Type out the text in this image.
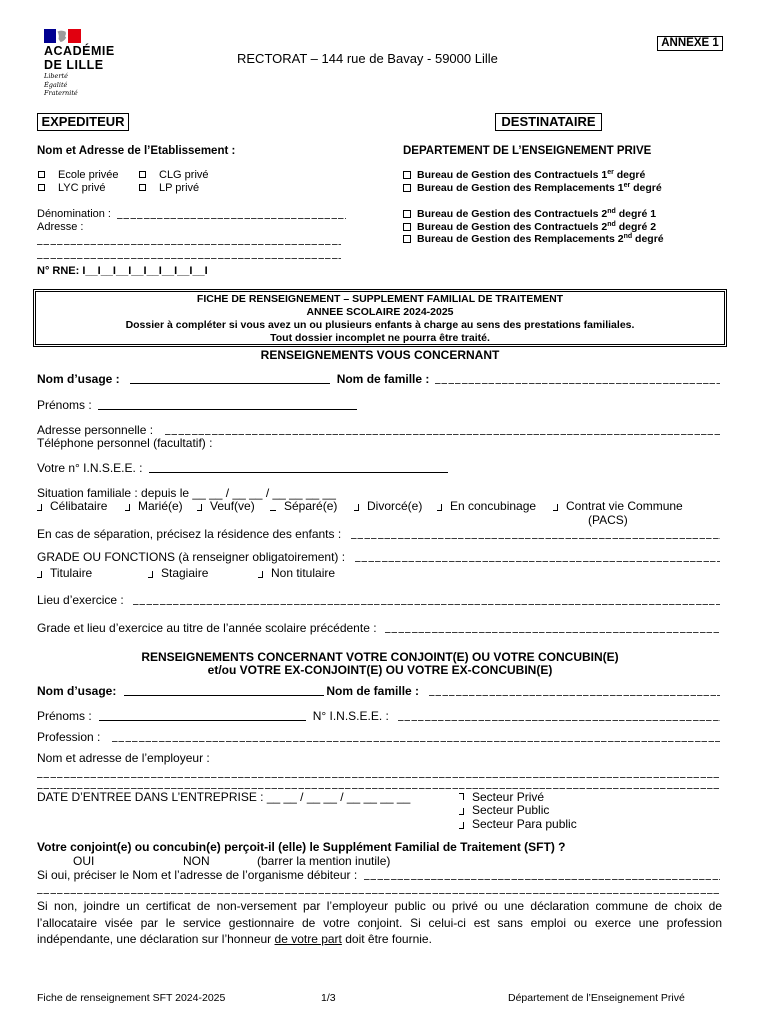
ACADÉMIE
DE LILLE
Liberté
Égalité
Fraternité
RECTORAT – 144 rue de Bavay - 59000 Lille
ANNEXE 1
EXPEDITEUR
Nom et Adresse de l’Etablissement :
Ecole privée	CLG privé
LYC privé	LP privé
Dénomination :
Adresse :
N° RNE: I__I__I__I__I__I__I__I__I
DESTINATAIRE
DEPARTEMENT DE L’ENSEIGNEMENT PRIVE
Bureau de Gestion des Contractuels 1er degré
Bureau de Gestion des Remplacements 1er degré
Bureau de Gestion des Contractuels 2nd degré 1
Bureau de Gestion des Contractuels 2nd degré 2
Bureau de Gestion des Remplacements 2nd degré
FICHE DE RENSEIGNEMENT – SUPPLEMENT FAMILIAL DE TRAITEMENT
ANNEE SCOLAIRE 2024-2025
Dossier à compléter si vous avez un ou plusieurs enfants à charge au sens des prestations familiales.
Tout dossier incomplet ne pourra être traité.
RENSEIGNEMENTS VOUS CONCERNANT
Nom d’usage :	Nom de famille :
Prénoms :
Adresse personnelle :
Téléphone personnel (facultatif) :
Votre n° I.N.S.E.E. :
Situation familiale : depuis le __ __ / __ __ / __ __ __ __
Célibataire	Marié(e)	Veuf(ve)	Séparé(e)	Divorcé(e)	En concubinage	Contrat vie Commune
(PACS)
En cas de séparation, précisez la résidence des enfants :
GRADE OU FONCTIONS (à renseigner obligatoirement) :
Titulaire	Stagiaire	Non titulaire
Lieu d’exercice :
Grade et lieu d’exercice au titre de l’année scolaire précédente :
RENSEIGNEMENTS CONCERNANT VOTRE CONJOINT(E) OU VOTRE CONCUBIN(E)
et/ou VOTRE EX-CONJOINT(E) OU VOTRE EX-CONCUBIN(E)
Nom d’usage:	Nom de famille :
Prénoms :	N° I.N.S.E.E. :
Profession :
Nom et adresse de l’employeur :
DATE D’ENTREE DANS L’ENTREPRISE : __ __ / __ __ / __ __ __ __	Secteur Privé
Secteur Public
Secteur Para public
Votre conjoint(e) ou concubin(e) perçoit-il (elle) le Supplément Familial de Traitement (SFT) ?
OUI	NON	(barrer la mention inutile)
Si oui, préciser le Nom et l’adresse de l’organisme débiteur :
Si non, joindre un certificat de non-versement par l’employeur public ou privé ou une déclaration commune de choix de
l’allocataire visée par le service gestionnaire de votre conjoint. Si celui-ci est sans emploi ou exerce une profession
indépendante, une déclaration sur l’honneur de votre part doit être fournie.
Fiche de renseignement SFT 2024-2025	1/3	Département de l’Enseignement Privé
